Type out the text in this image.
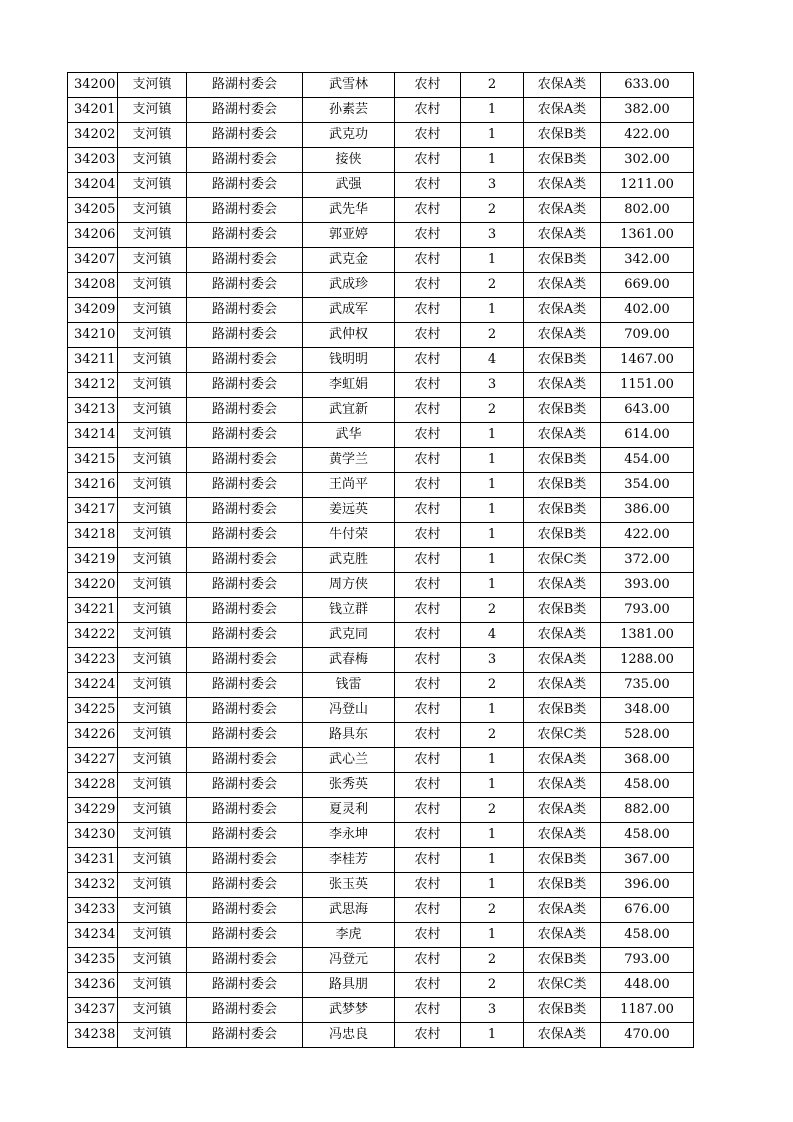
34200	支河镇	路湖村委会	武雪林	农村	2	农保A类	633.00
34201	支河镇	路湖村委会	孙素芸	农村	1	农保A类	382.00
34202	支河镇	路湖村委会	武克功	农村	1	农保B类	422.00
34203	支河镇	路湖村委会	接侠	农村	1	农保B类	302.00
34204	支河镇	路湖村委会	武强	农村	3	农保A类	1211.00
34205	支河镇	路湖村委会	武先华	农村	2	农保A类	802.00
34206	支河镇	路湖村委会	郭亚婷	农村	3	农保A类	1361.00
34207	支河镇	路湖村委会	武克金	农村	1	农保B类	342.00
34208	支河镇	路湖村委会	武成珍	农村	2	农保A类	669.00
34209	支河镇	路湖村委会	武成军	农村	1	农保A类	402.00
34210	支河镇	路湖村委会	武仲权	农村	2	农保A类	709.00
34211	支河镇	路湖村委会	钱明明	农村	4	农保B类	1467.00
34212	支河镇	路湖村委会	李虹娟	农村	3	农保A类	1151.00
34213	支河镇	路湖村委会	武宜新	农村	2	农保B类	643.00
34214	支河镇	路湖村委会	武华	农村	1	农保A类	614.00
34215	支河镇	路湖村委会	黄学兰	农村	1	农保B类	454.00
34216	支河镇	路湖村委会	王尚平	农村	1	农保B类	354.00
34217	支河镇	路湖村委会	姜远英	农村	1	农保B类	386.00
34218	支河镇	路湖村委会	牛付荣	农村	1	农保B类	422.00
34219	支河镇	路湖村委会	武克胜	农村	1	农保C类	372.00
34220	支河镇	路湖村委会	周方侠	农村	1	农保A类	393.00
34221	支河镇	路湖村委会	钱立群	农村	2	农保B类	793.00
34222	支河镇	路湖村委会	武克同	农村	4	农保A类	1381.00
34223	支河镇	路湖村委会	武春梅	农村	3	农保A类	1288.00
34224	支河镇	路湖村委会	钱雷	农村	2	农保A类	735.00
34225	支河镇	路湖村委会	冯登山	农村	1	农保B类	348.00
34226	支河镇	路湖村委会	路具东	农村	2	农保C类	528.00
34227	支河镇	路湖村委会	武心兰	农村	1	农保A类	368.00
34228	支河镇	路湖村委会	张秀英	农村	1	农保A类	458.00
34229	支河镇	路湖村委会	夏灵利	农村	2	农保A类	882.00
34230	支河镇	路湖村委会	李永坤	农村	1	农保A类	458.00
34231	支河镇	路湖村委会	李桂芳	农村	1	农保B类	367.00
34232	支河镇	路湖村委会	张玉英	农村	1	农保B类	396.00
34233	支河镇	路湖村委会	武思海	农村	2	农保A类	676.00
34234	支河镇	路湖村委会	李虎	农村	1	农保A类	458.00
34235	支河镇	路湖村委会	冯登元	农村	2	农保B类	793.00
34236	支河镇	路湖村委会	路具朋	农村	2	农保C类	448.00
34237	支河镇	路湖村委会	武梦梦	农村	3	农保B类	1187.00
34238	支河镇	路湖村委会	冯忠良	农村	1	农保A类	470.00
